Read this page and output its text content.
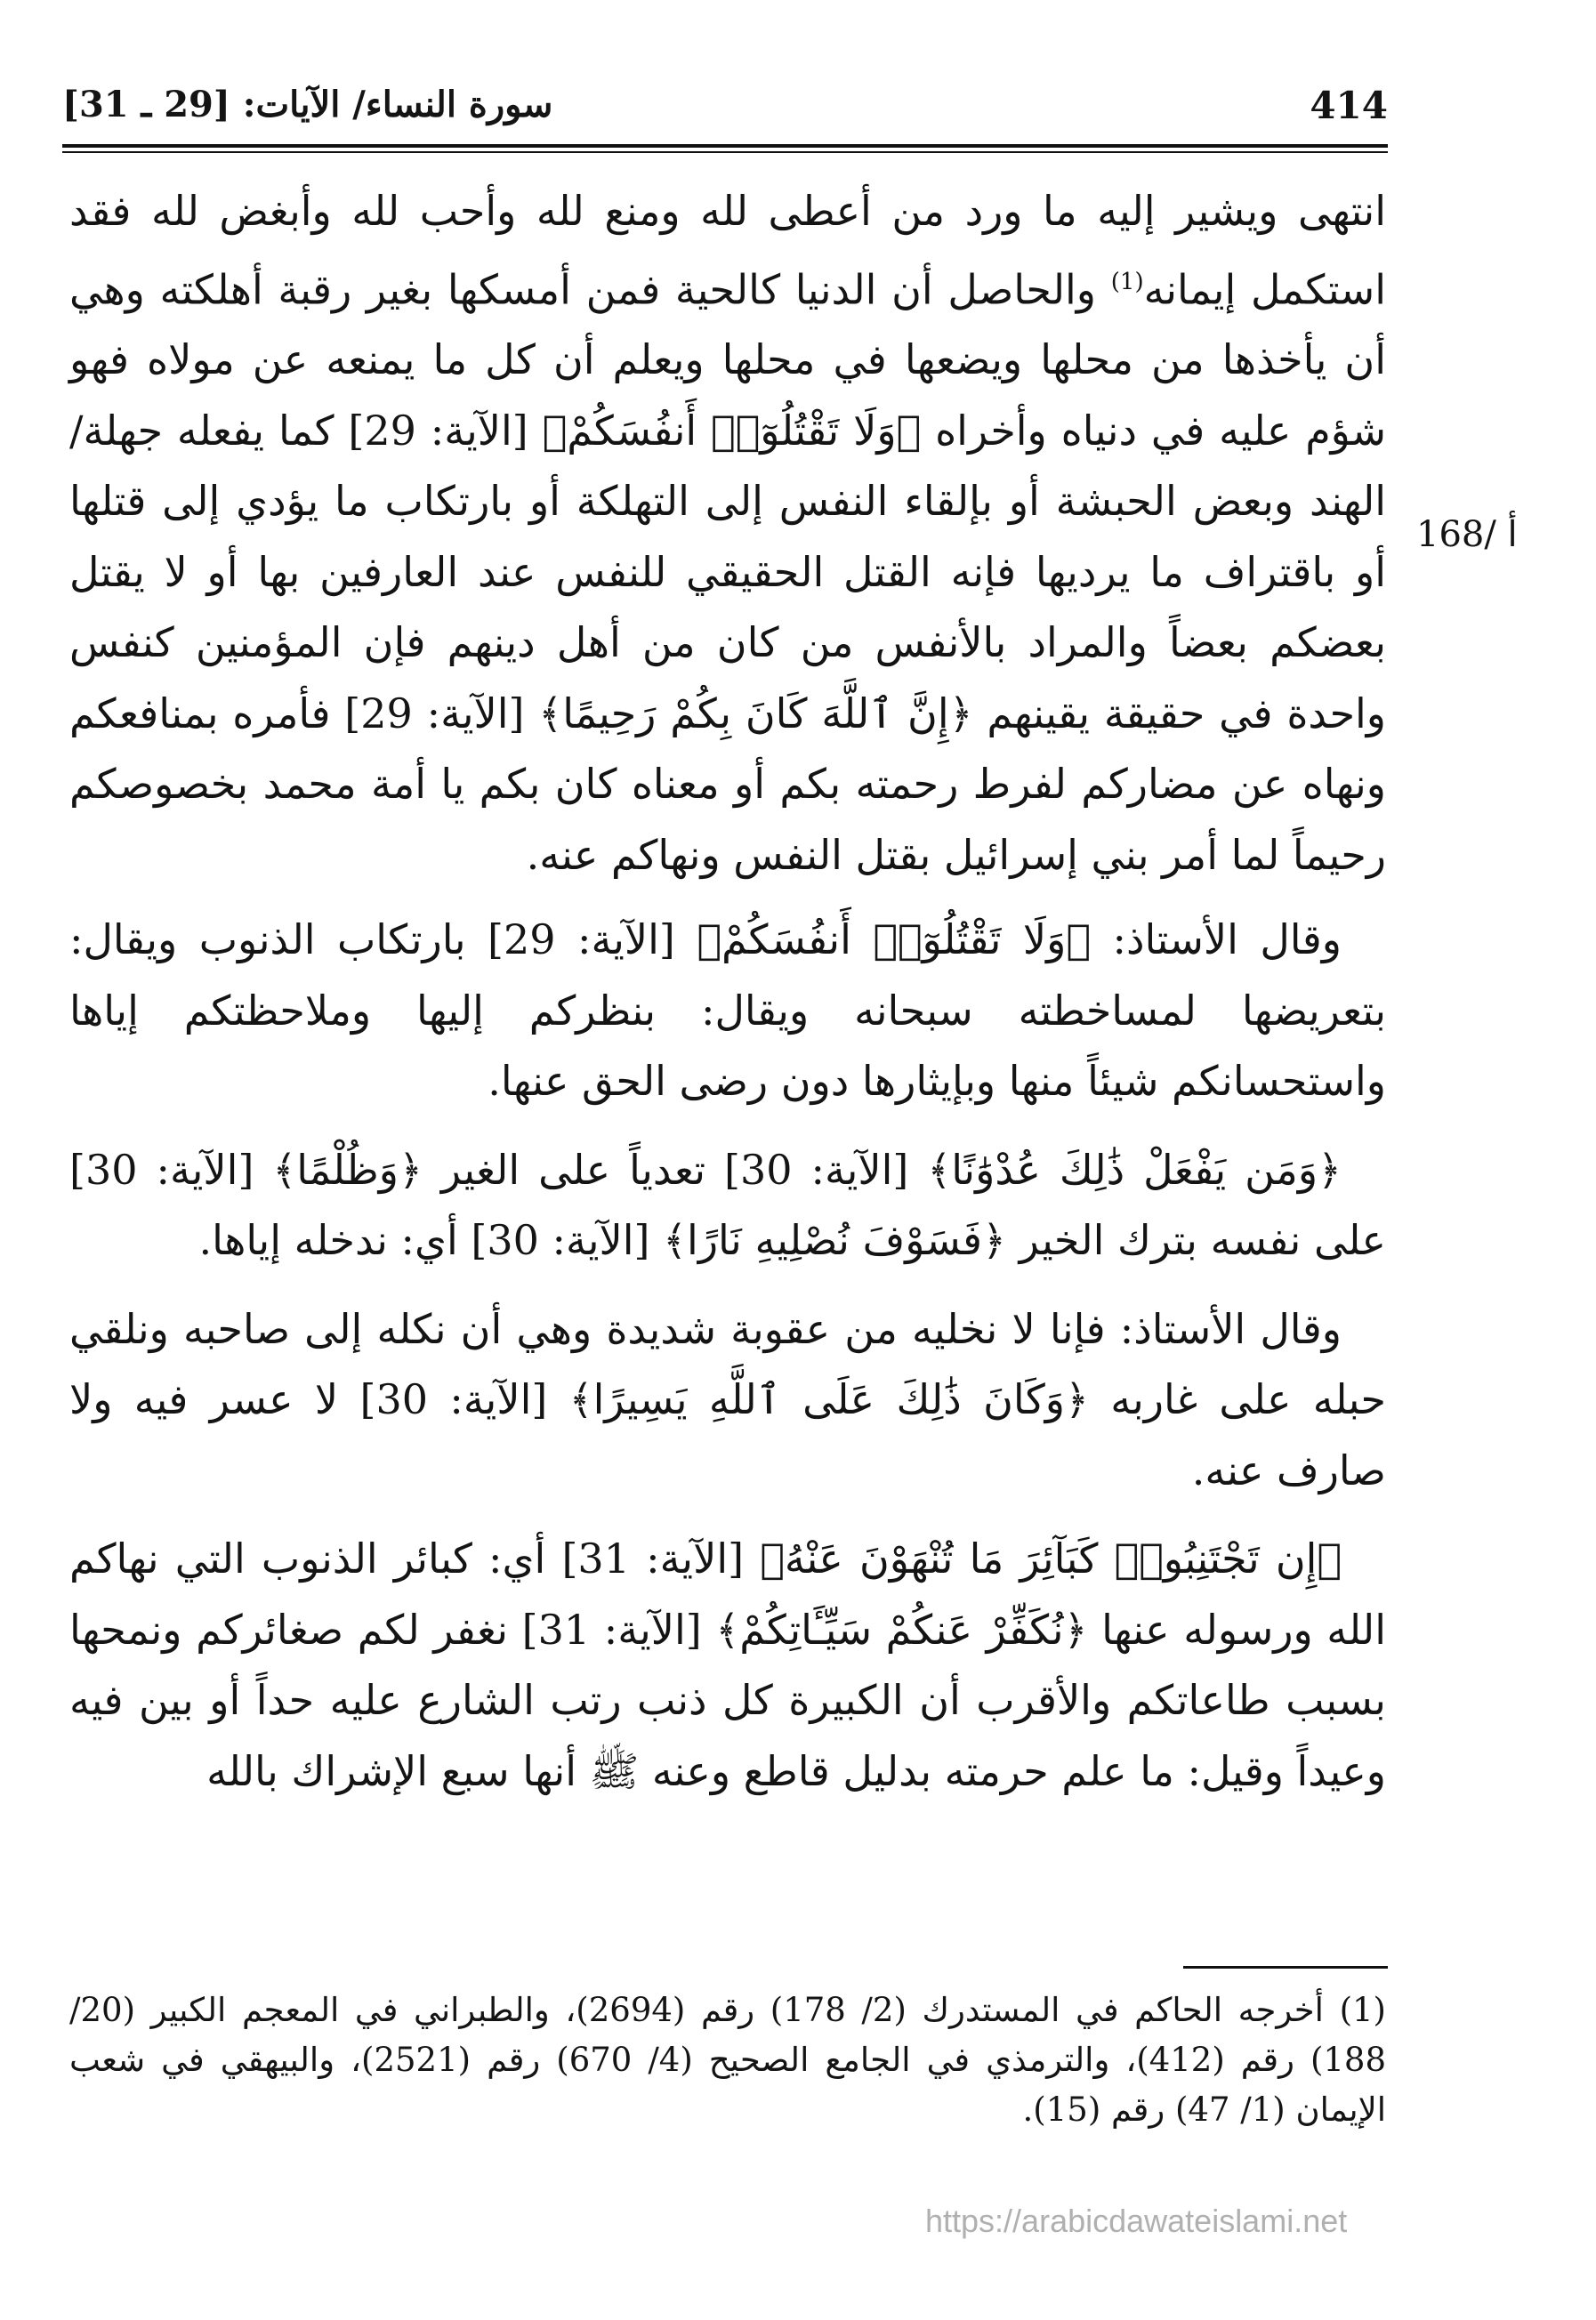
414
سورة النساء/ الآيات: [29 ـ 31]
168/ أ

انتهى ويشير إليه ما ورد من أعطى لله ومنع لله وأحب لله وأبغض لله فقد استكمل إيمانه$^{(1)}$ والحاصل أن الدنيا كالحية فمن أمسكها بغير رقبة أهلكته وهي أن يأخذها من محلها ويضعها في محلها ويعلم أن كل ما يمنعه عن مولاه فهو شؤم عليه في دنياه وأخراه ﴿وَلَا تَقْتُلُوٓا۟ أَنفُسَكُمْ﴾ [الآية: 29] كما يفعله جهلة/ الهند وبعض الحبشة أو بإلقاء النفس إلى التهلكة أو بارتكاب ما يؤدي إلى قتلها أو باقتراف ما يرديها فإنه القتل الحقيقي للنفس عند العارفين بها أو لا يقتل بعضكم بعضاً والمراد بالأنفس من كان من أهل دينهم فإن المؤمنين كنفس واحدة في حقيقة يقينهم ﴿إِنَّ ٱللَّهَ كَانَ بِكُمْ رَحِيمًا﴾ [الآية: 29] فأمره بمنافعكم ونهاه عن مضاركم لفرط رحمته بكم أو معناه كان بكم يا أمة محمد بخصوصكم رحيماً لما أمر بني إسرائيل بقتل النفس ونهاكم عنه.

وقال الأستاذ: ﴿وَلَا تَقْتُلُوٓا۟ أَنفُسَكُمْ﴾ [الآية: 29] بارتكاب الذنوب ويقال: بتعريضها لمساخطته سبحانه ويقال: بنظركم إليها وملاحظتكم إياها واستحسانكم شيئاً منها وبإيثارها دون رضى الحق عنها.

﴿وَمَن يَفْعَلْ ذَٰلِكَ عُدْوَٰنًا﴾ [الآية: 30] تعدياً على الغير ﴿وَظُلْمًا﴾ [الآية: 30] على نفسه بترك الخير ﴿فَسَوْفَ نُصْلِيهِ نَارًا﴾ [الآية: 30] أي: ندخله إياها.

وقال الأستاذ: فإنا لا نخليه من عقوبة شديدة وهي أن نكله إلى صاحبه ونلقي حبله على غاربه ﴿وَكَانَ ذَٰلِكَ عَلَى ٱللَّهِ يَسِيرًا﴾ [الآية: 30] لا عسر فيه ولا صارف عنه.

﴿إِن تَجْتَنِبُوا۟ كَبَآئِرَ مَا تُنْهَوْنَ عَنْهُ﴾ [الآية: 31] أي: كبائر الذنوب التي نهاكم الله ورسوله عنها ﴿نُكَفِّرْ عَنكُمْ سَيِّـَٔاتِكُمْ﴾ [الآية: 31] نغفر لكم صغائركم ونمحها بسبب طاعاتكم والأقرب أن الكبيرة كل ذنب رتب الشارع عليه حداً أو بين فيه وعيداً وقيل: ما علم حرمته بدليل قاطع وعنه ﷺ أنها سبع الإشراك بالله

(1) أخرجه الحاكم في المستدرك (2/ 178) رقم (2694)، والطبراني في المعجم الكبير (20/ 188) رقم (412)، والترمذي في الجامع الصحيح (4/ 670) رقم (2521)، والبيهقي في شعب الإيمان (1/ 47) رقم (15).
https://arabicdawateislami.net
